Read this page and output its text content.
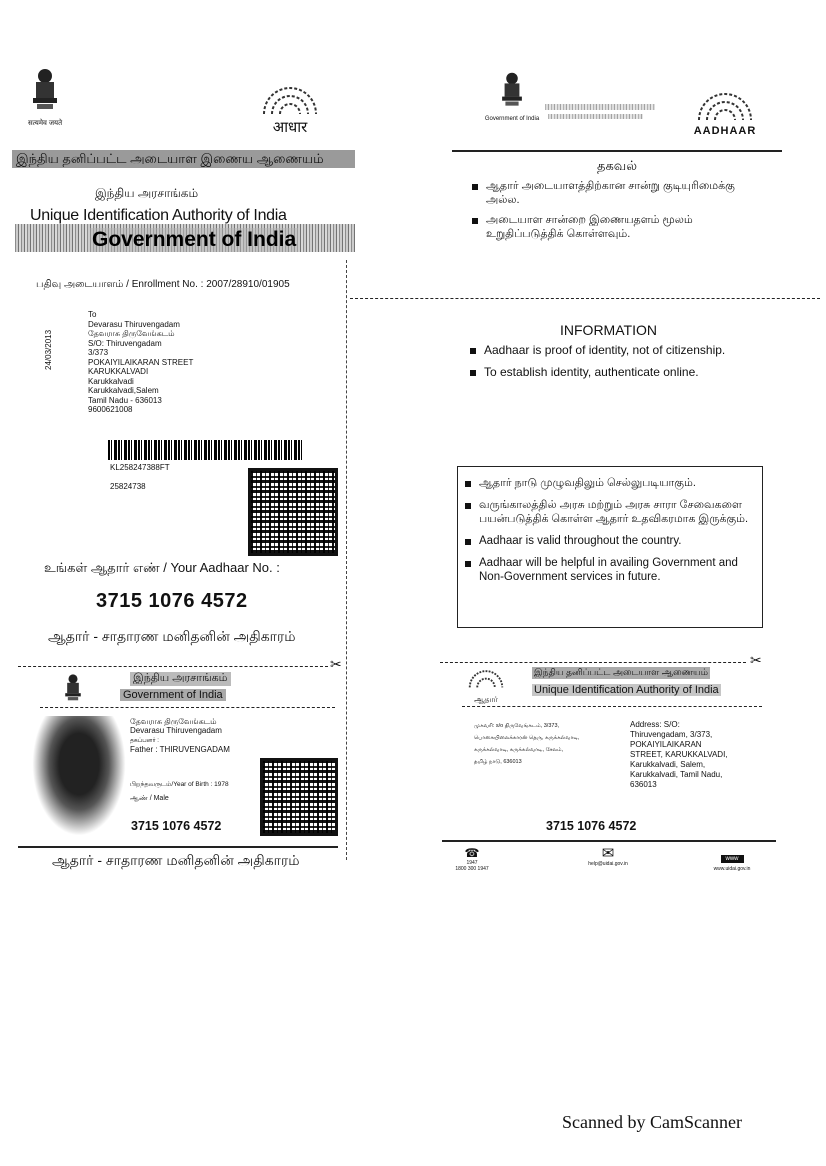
सत्यमेव जयते	आधार
இந்திய தனிப்பட்ட அடையாள இணைய ஆணையம்
இந்திய அரசாங்கம்
Unique Identification Authority of India
Government of India
பதிவு அடையாளம் / Enrollment No. : 2007/28910/01905
To
Devarasu Thiruvengadam
தேவராசு திருவேங்கடம்
S/O: Thiruvengadam
3/373
POKAIYILAIKARAN STREET
KARUKKALVADI
Karukkalvadi
Karukkalvadi,Salem
Tamil Nadu - 636013
9600621008
24/03/2013
KL258247388FT
25824738
உங்கள் ஆதார் எண் / Your Aadhaar No. :
3715 1076 4572
ஆதார் - சாதாரண மனிதனின் அதிகாரம்
Government of India
AADHAAR
தகவல்
ஆதார் அடையாளத்திற்கான சான்று குடியுரிமைக்கு அல்ல.
அடையாள சான்றை இணையதளம் மூலம் உறுதிப்படுத்திக் கொள்ளவும்.
INFORMATION
Aadhaar is proof of identity, not of citizenship.
To establish identity, authenticate online.
ஆதார் நாடு முழுவதிலும் செல்லுபடியாகும்.
வருங்காலத்தில் அரசு மற்றும் அரசு சாரா சேவைகளை பயன்படுத்திக் கொள்ள ஆதார் உதவிகரமாக இருக்கும்.
Aadhaar is valid throughout the country.
Aadhaar will be helpful in availing Government and Non-Government services in future.
✂	✂
இந்திய அரசாங்கம்
Government of India
தேவராசு திருவேங்கடம்
Devarasu Thiruvengadam
தகப்பனர் :
Father : THIRUVENGADAM
பிறந்தவருடம்/Year of Birth : 1978
ஆண் / Male
3715 1076 4572
ஆதார் - சாதாரண மனிதனின் அதிகாரம்
ஆதார்
இந்திய தனிப்பட்ட அடையாள ஆணையம்
Unique Identification Authority of India
முகவரி: s/o திருவேங்கடம், 3/373,
பொகையிலைக்காரன் தெரு, கருக்கல்வாடி,
கருக்கல்வாடி, கருக்கல்வாடி, சேலம்,
தமிழ் நாடு, 636013
Address: S/O:
Thiruvengadam, 3/373,
POKAIYILAIKARAN
STREET, KARUKKALVADI,
Karukkalvadi, Salem,
Karukkalvadi, Tamil Nadu,
636013
3715 1076 4572
☎
1947
1800 300 1947
✉
help@uidai.gov.in
www
www.uidai.gov.in
Scanned by CamScanner
